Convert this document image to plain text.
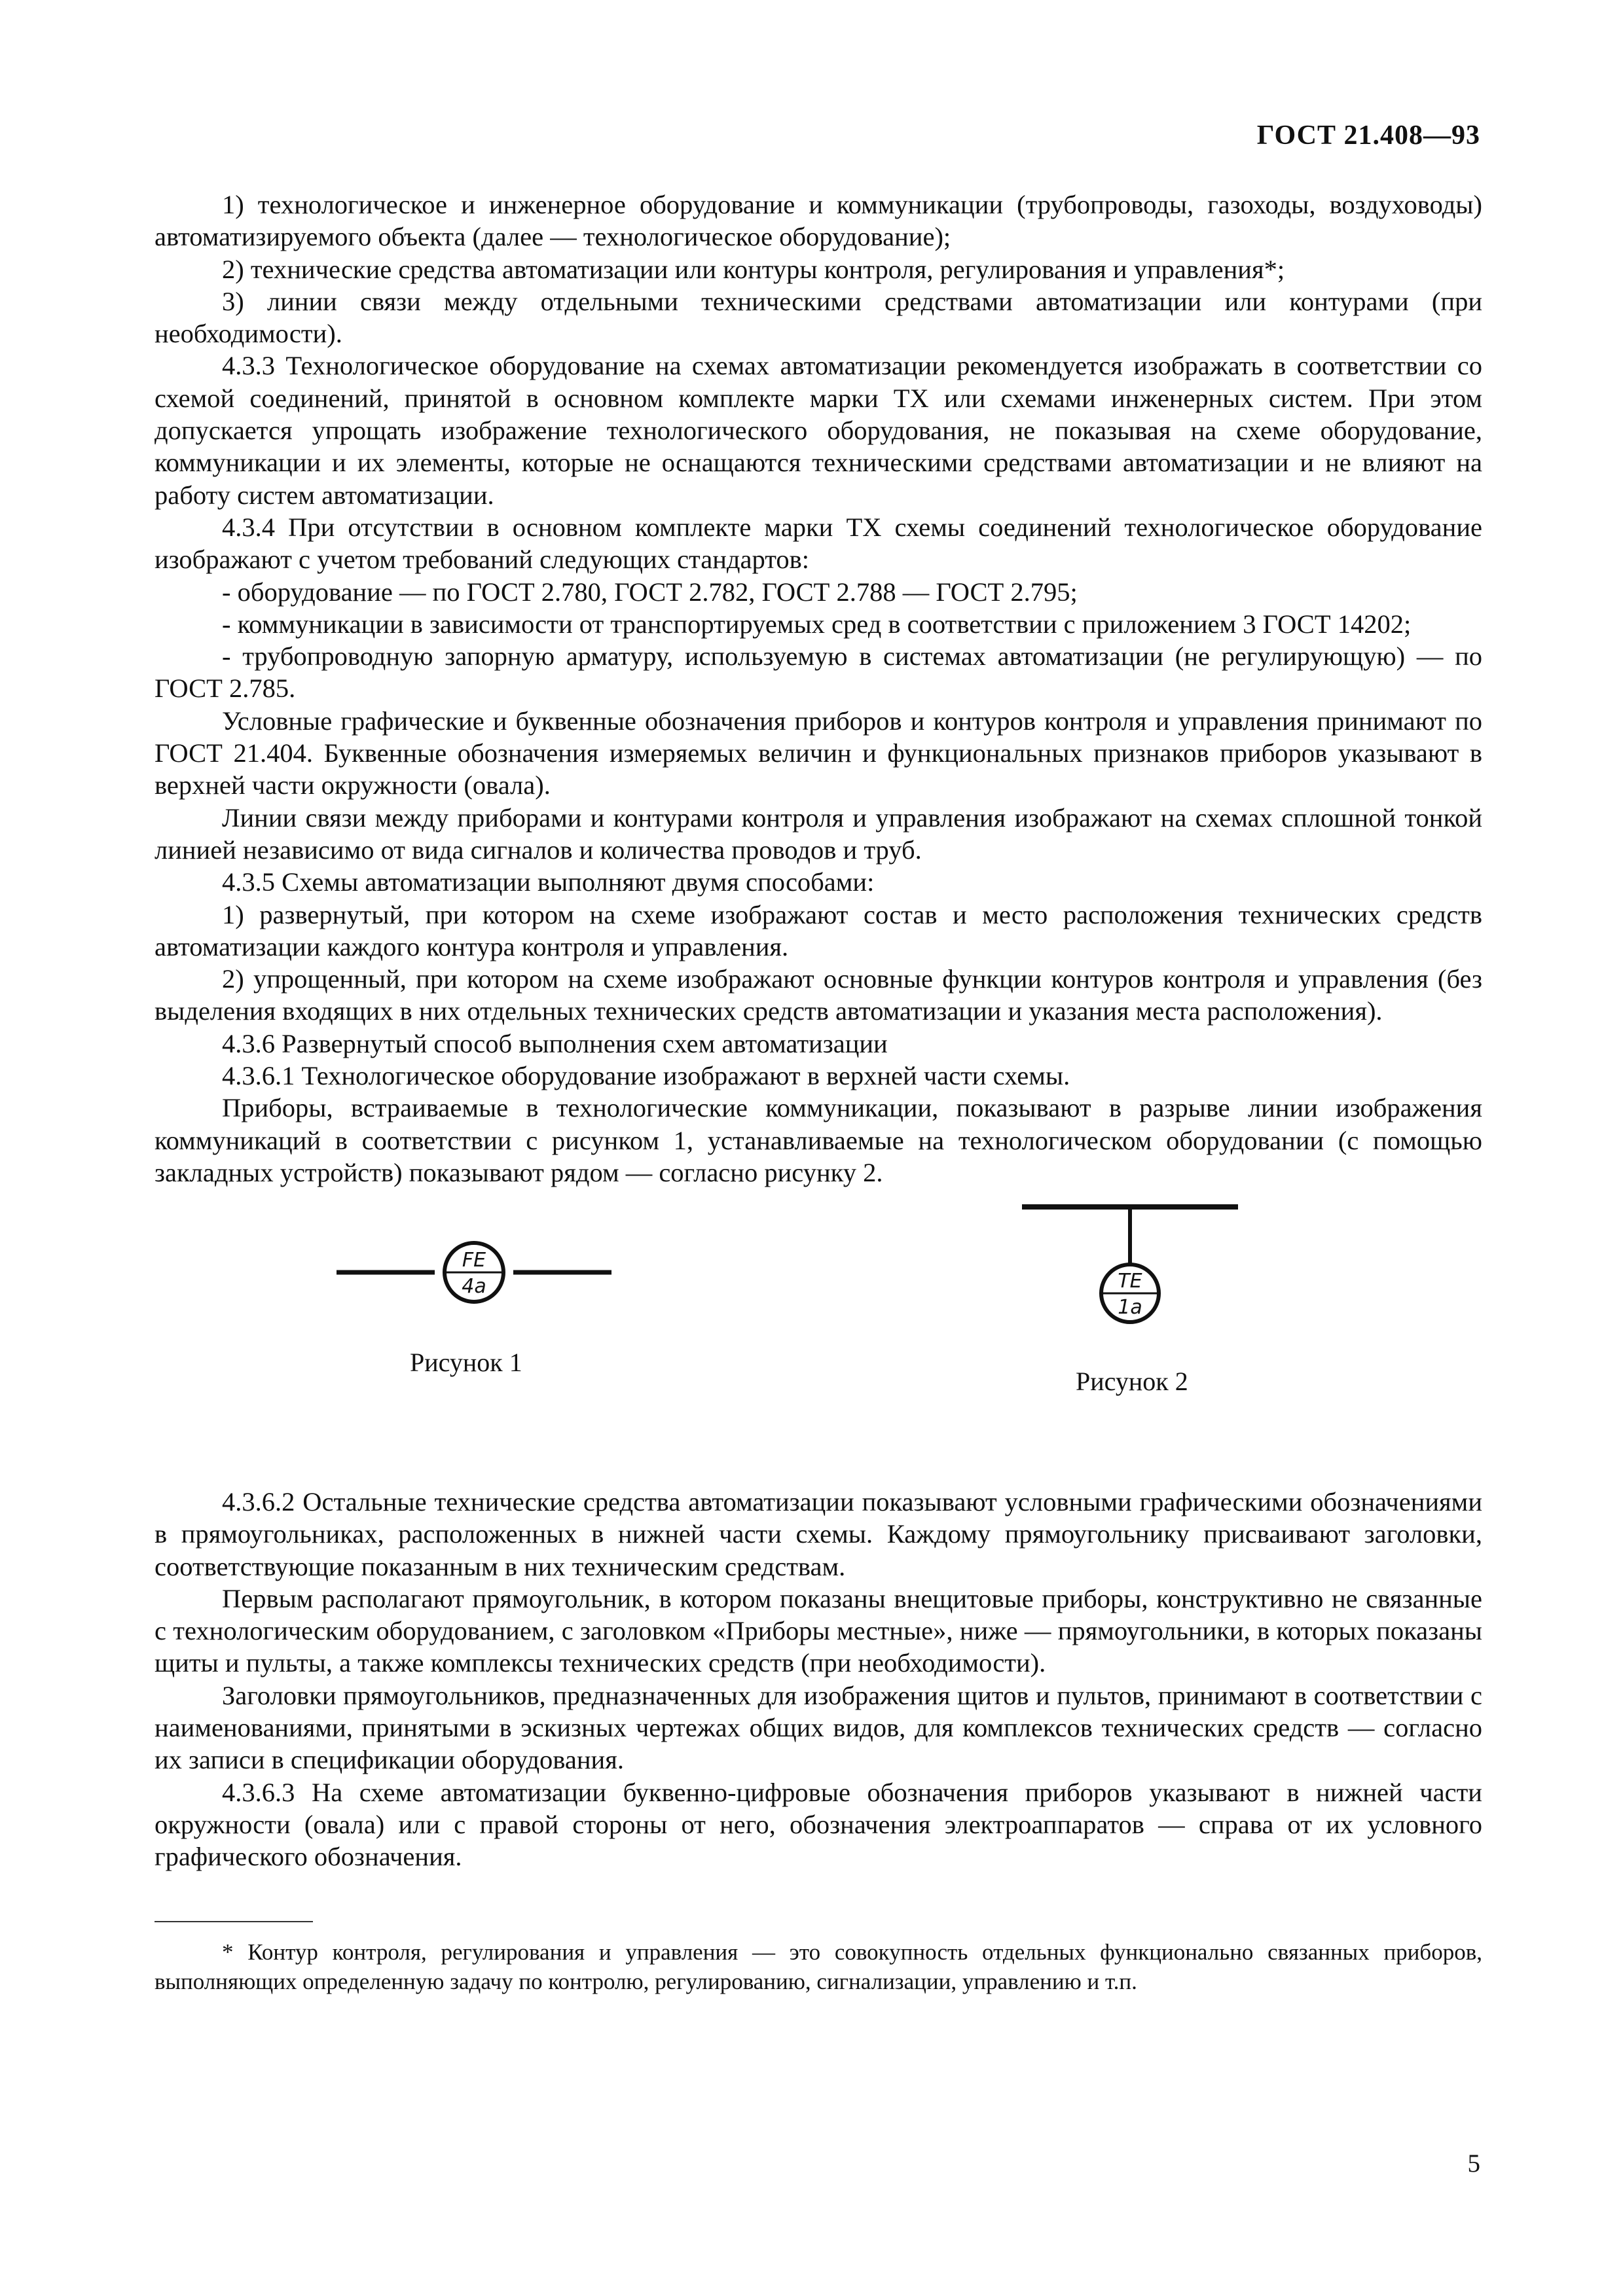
ГОСТ 21.408—93

1) технологическое и инженерное оборудование и коммуникации (трубопроводы, газоходы, воздуховоды) автоматизируемого объекта (далее — технологическое оборудование);

2) технические средства автоматизации или контуры контроля, регулирования и управления*;

3) линии связи между отдельными техническими средствами автоматизации или контурами (при необходимости).

4.3.3 Технологическое оборудование на схемах автоматизации рекомендуется изображать в соответствии со схемой соединений, принятой в основном комплекте марки ТХ или схемами инженерных систем. При этом допускается упрощать изображение технологического оборудования, не показывая на схеме оборудование, коммуникации и их элементы, которые не оснащаются техническими средствами автоматизации и не влияют на работу систем автоматизации.

4.3.4 При отсутствии в основном комплекте марки ТХ схемы соединений технологическое оборудование изображают с учетом требований следующих стандартов:

- оборудование — по ГОСТ 2.780, ГОСТ 2.782, ГОСТ 2.788 — ГОСТ 2.795;

- коммуникации в зависимости от транспортируемых сред в соответствии с приложением 3 ГОСТ 14202;

- трубопроводную запорную арматуру, используемую в системах автоматизации (не регулирующую) — по ГОСТ 2.785.

Условные графические и буквенные обозначения приборов и контуров контроля и управления принимают по ГОСТ 21.404. Буквенные обозначения измеряемых величин и функциональных признаков приборов указывают в верхней части окружности (овала).

Линии связи между приборами и контурами контроля и управления изображают на схемах сплошной тонкой линией независимо от вида сигналов и количества проводов и труб.

4.3.5 Схемы автоматизации выполняют двумя способами:

1) развернутый, при котором на схеме изображают состав и место расположения технических средств автоматизации каждого контура контроля и управления.

2) упрощенный, при котором на схеме изображают основные функции контуров контроля и управления (без выделения входящих в них отдельных технических средств автоматизации и указания места расположения).

4.3.6 Развернутый способ выполнения схем автоматизации

4.3.6.1 Технологическое оборудование изображают в верхней части схемы.

Приборы, встраиваемые в технологические коммуникации, показывают в разрыве линии изображения коммуникаций в соответствии с рисунком 1, устанавливаемые на технологическом оборудовании (с помощью закладных устройств) показывают рядом — согласно рисунку 2.

FE
4a
Рисунок 1
TE
1a
Рисунок 2

4.3.6.2 Остальные технические средства автоматизации показывают условными графическими обозначениями в прямоугольниках, расположенных в нижней части схемы. Каждому прямоугольнику присваивают заголовки, соответствующие показанным в них техническим средствам.

Первым располагают прямоугольник, в котором показаны внещитовые приборы, конструктивно не связанные с технологическим оборудованием, с заголовком «Приборы местные», ниже — прямоугольники, в которых показаны щиты и пульты, а также комплексы технических средств (при необходимости).

Заголовки прямоугольников, предназначенных для изображения щитов и пультов, принимают в соответствии с наименованиями, принятыми в эскизных чертежах общих видов, для комплексов технических средств — согласно их записи в спецификации оборудования.

4.3.6.3 На схеме автоматизации буквенно-цифровые обозначения приборов указывают в нижней части окружности (овала) или с правой стороны от него, обозначения электроаппаратов — справа от их условного графического обозначения.

* Контур контроля, регулирования и управления — это совокупность отдельных функционально связанных приборов, выполняющих определенную задачу по контролю, регулированию, сигнализации, управлению и т.п.

5
